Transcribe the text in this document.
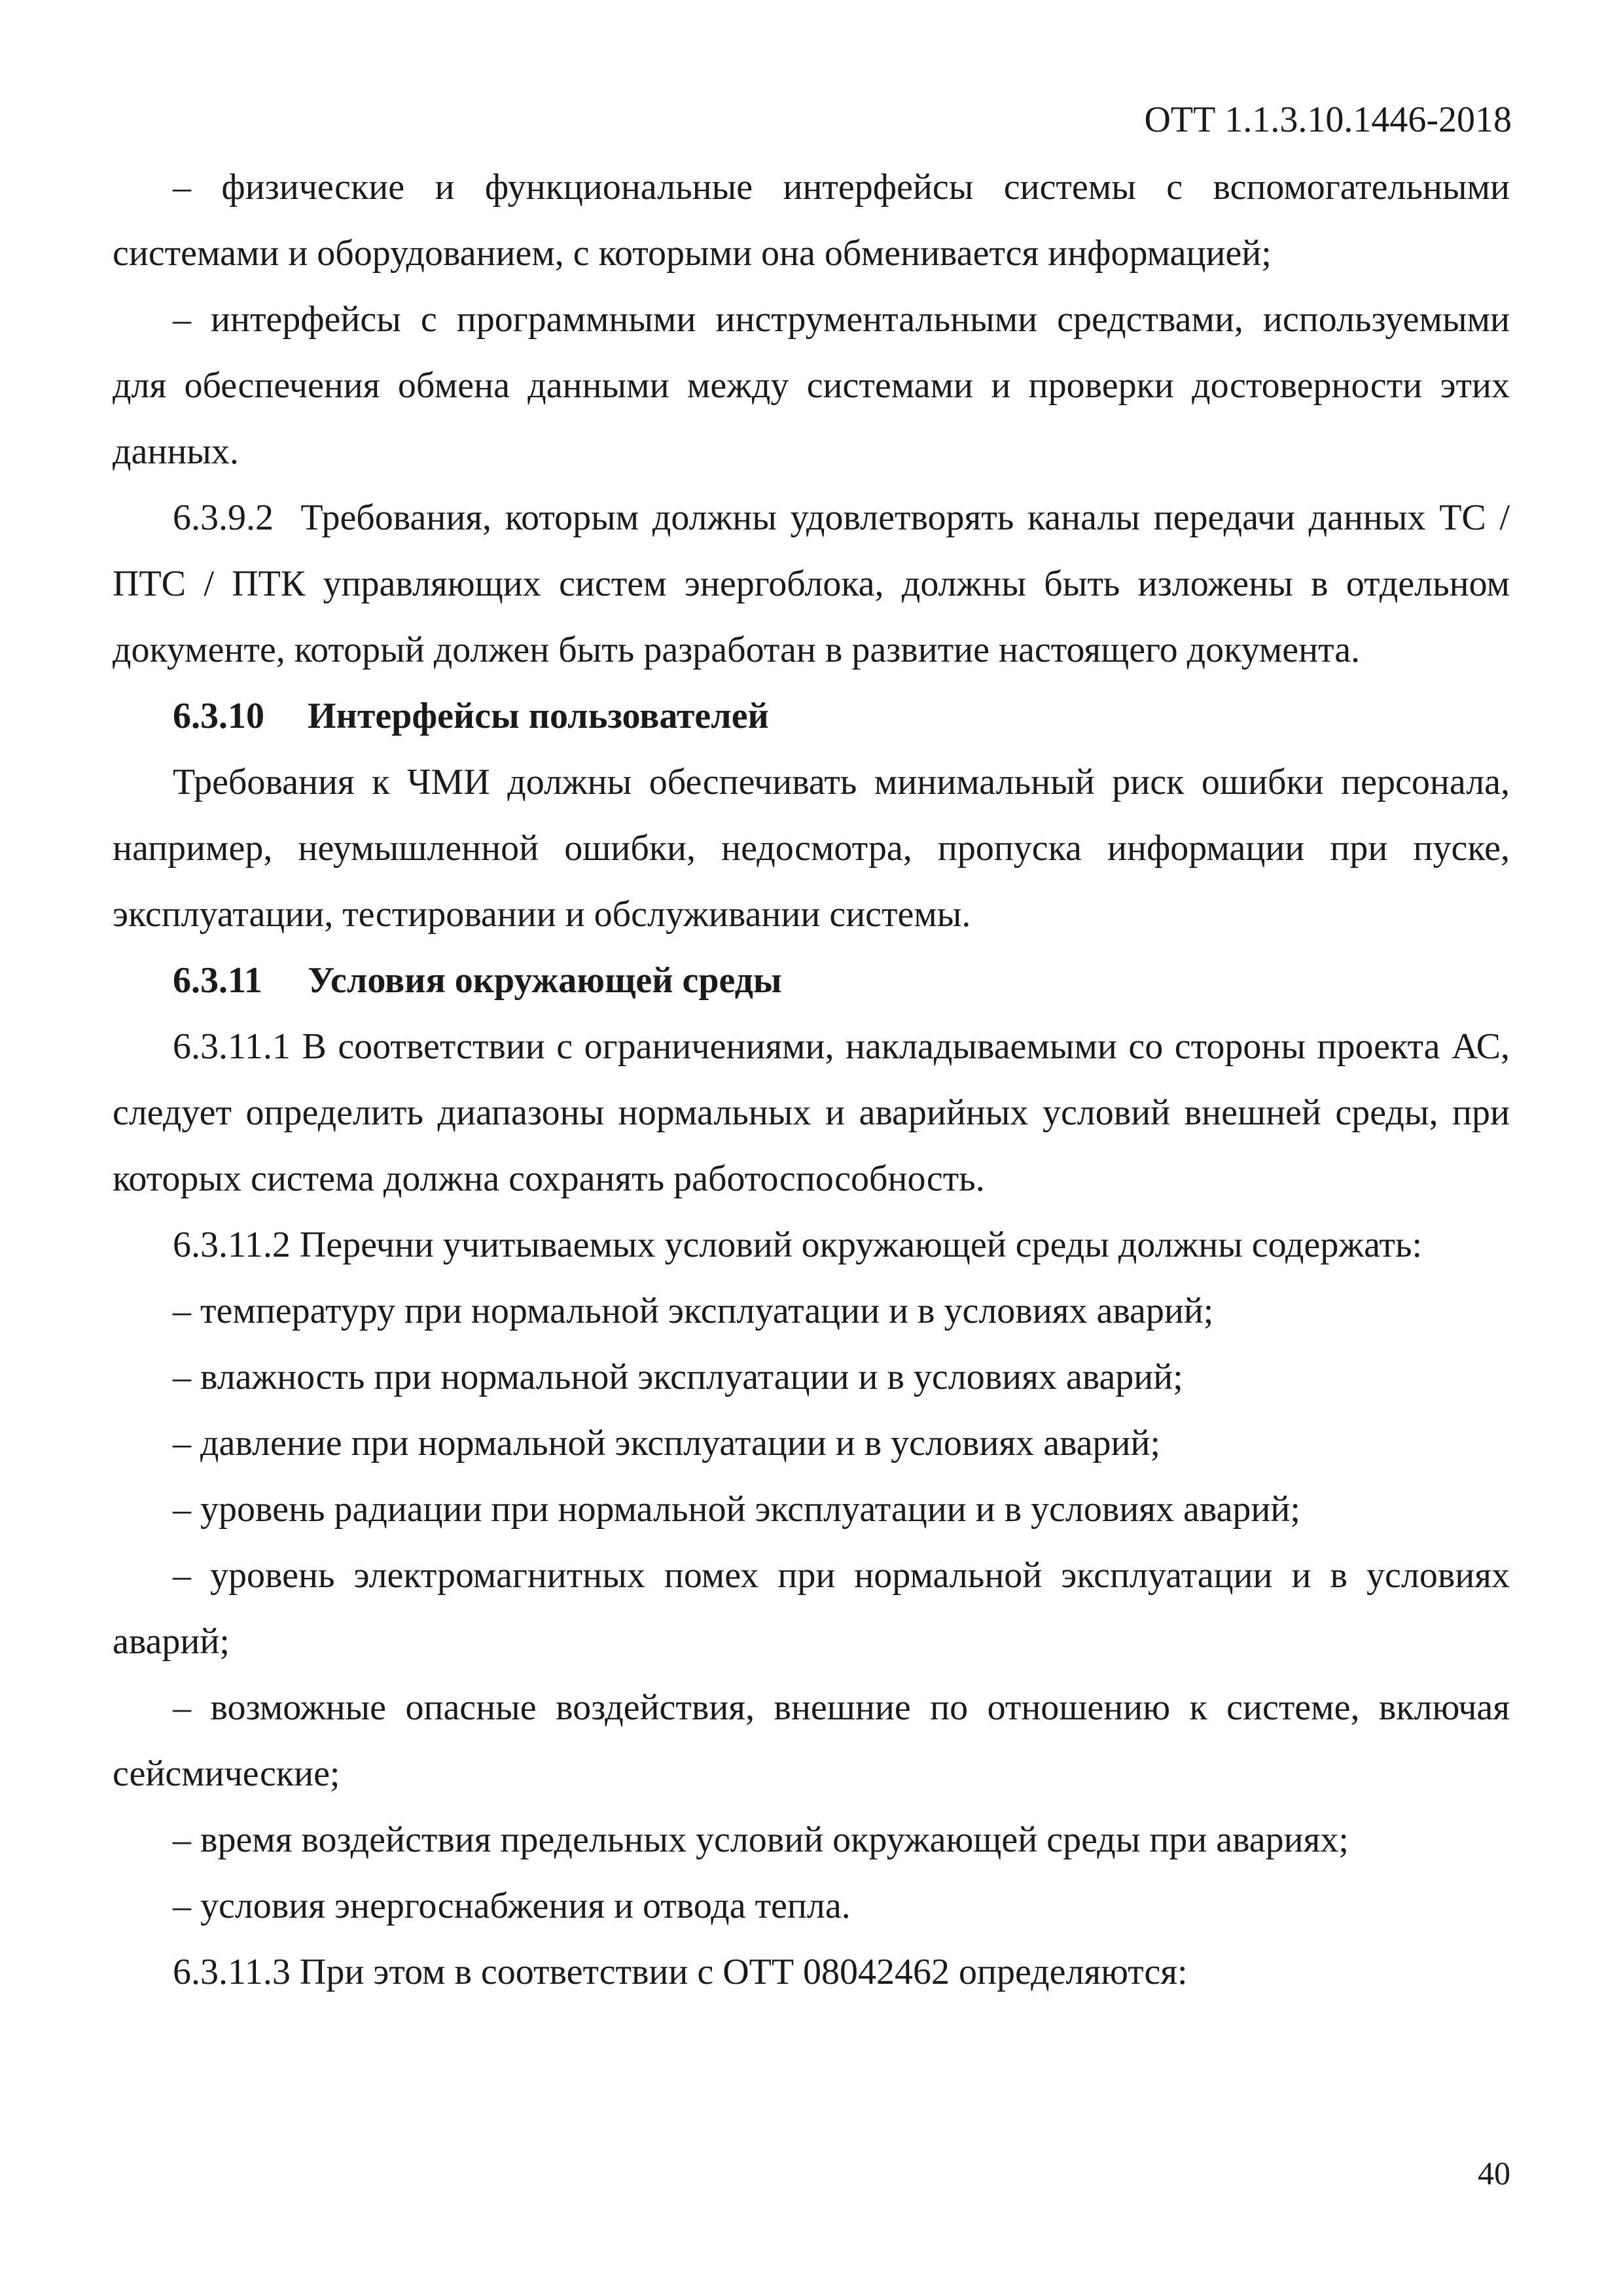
ОТТ 1.1.3.10.1446-2018

– физические и функциональные интерфейсы системы с вспомогательными системами и оборудованием, с которыми она обменивается информацией;

– интерфейсы с программными инструментальными средствами, используемыми для обеспечения обмена данными между системами и проверки достоверности этих данных.

6.3.9.2  Требования, которым должны удовлетворять каналы передачи данных ТС / ПТС / ПТК управляющих систем энергоблока, должны быть изложены в отдельном документе, который должен быть разработан в развитие настоящего документа.

6.3.10 Интерфейсы пользователей

Требования к ЧМИ должны обеспечивать минимальный риск ошибки персонала, например, неумышленной ошибки, недосмотра, пропуска информации при пуске, эксплуатации, тестировании и обслуживании системы.

6.3.11 Условия окружающей среды

6.3.11.1 В соответствии с ограничениями, накладываемыми со стороны проекта АС, следует определить диапазоны нормальных и аварийных условий внешней среды, при которых система должна сохранять работоспособность.

6.3.11.2 Перечни учитываемых условий окружающей среды должны содержать:

– температуру при нормальной эксплуатации и в условиях аварий;

– влажность при нормальной эксплуатации и в условиях аварий;

– давление при нормальной эксплуатации и в условиях аварий;

– уровень радиации при нормальной эксплуатации и в условиях аварий;

– уровень электромагнитных помех при нормальной эксплуатации и в условиях аварий;

– возможные опасные воздействия, внешние по отношению к системе, включая сейсмические;

– время воздействия предельных условий окружающей среды при авариях;

– условия энергоснабжения и отвода тепла.

6.3.11.3 При этом в соответствии с ОТТ 08042462 определяются:

40
